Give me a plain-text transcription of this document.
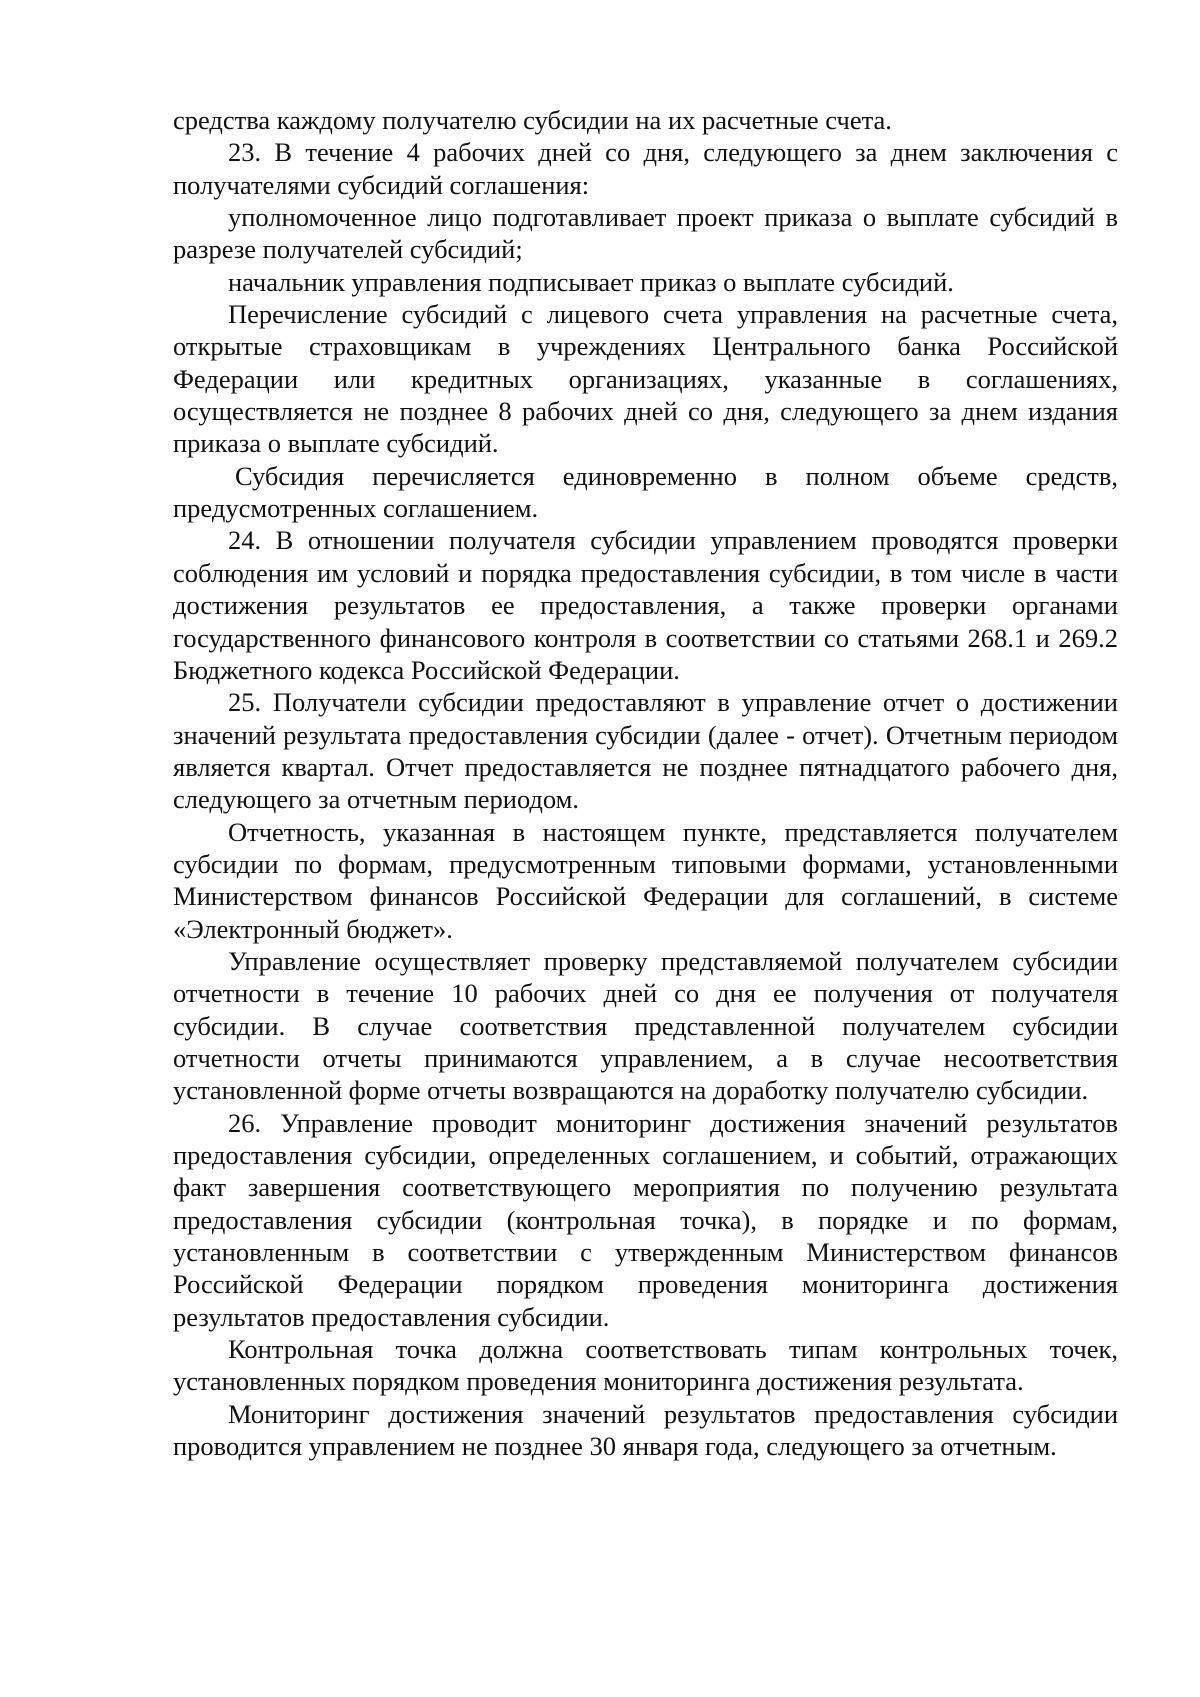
средства каждому получателю субсидии на их расчетные счета.

23. В течение 4 рабочих дней со дня, следующего за днем заключения с получателями субсидий соглашения:

уполномоченное лицо подготавливает проект приказа о выплате субсидий в разрезе получателей субсидий;

начальник управления подписывает приказ о выплате субсидий.

Перечисление субсидий с лицевого счета управления на расчетные счета, открытые страховщикам в учреждениях Центрального банка Российской Федерации или кредитных организациях, указанные в соглашениях, осуществляется не позднее 8 рабочих дней со дня, следующего за днем издания приказа о выплате субсидий.

Субсидия перечисляется единовременно в полном объеме средств, предусмотренных соглашением.

24. В отношении получателя субсидии управлением проводятся проверки соблюдения им условий и порядка предоставления субсидии, в том числе в части достижения результатов ее предоставления, а также проверки органами государственного финансового контроля в соответствии со статьями 268.1 и 269.2 Бюджетного кодекса Российской Федерации.

25. Получатели субсидии предоставляют в управление отчет о достижении значений результата предоставления субсидии (далее - отчет). Отчетным периодом является квартал. Отчет предоставляется не позднее пятнадцатого рабочего дня, следующего за отчетным периодом.

Отчетность, указанная в настоящем пункте, представляется получателем субсидии по формам, предусмотренным типовыми формами, установленными Министерством финансов Российской Федерации для соглашений, в системе «Электронный бюджет».

Управление осуществляет проверку представляемой получателем субсидии отчетности в течение 10 рабочих дней со дня ее получения от получателя субсидии. В случае соответствия представленной получателем субсидии отчетности отчеты принимаются управлением, а в случае несоответствия установленной форме отчеты возвращаются на доработку получателю субсидии.

26. Управление проводит мониторинг достижения значений результатов предоставления субсидии, определенных соглашением, и событий, отражающих факт завершения соответствующего мероприятия по получению результата предоставления субсидии (контрольная точка), в порядке и по формам, установленным в соответствии с утвержденным Министерством финансов Российской Федерации порядком проведения мониторинга достижения результатов предоставления субсидии.

Контрольная точка должна соответствовать типам контрольных точек, установленных порядком проведения мониторинга достижения результата.

Мониторинг достижения значений результатов предоставления субсидии проводится управлением не позднее 30 января года, следующего за отчетным.
